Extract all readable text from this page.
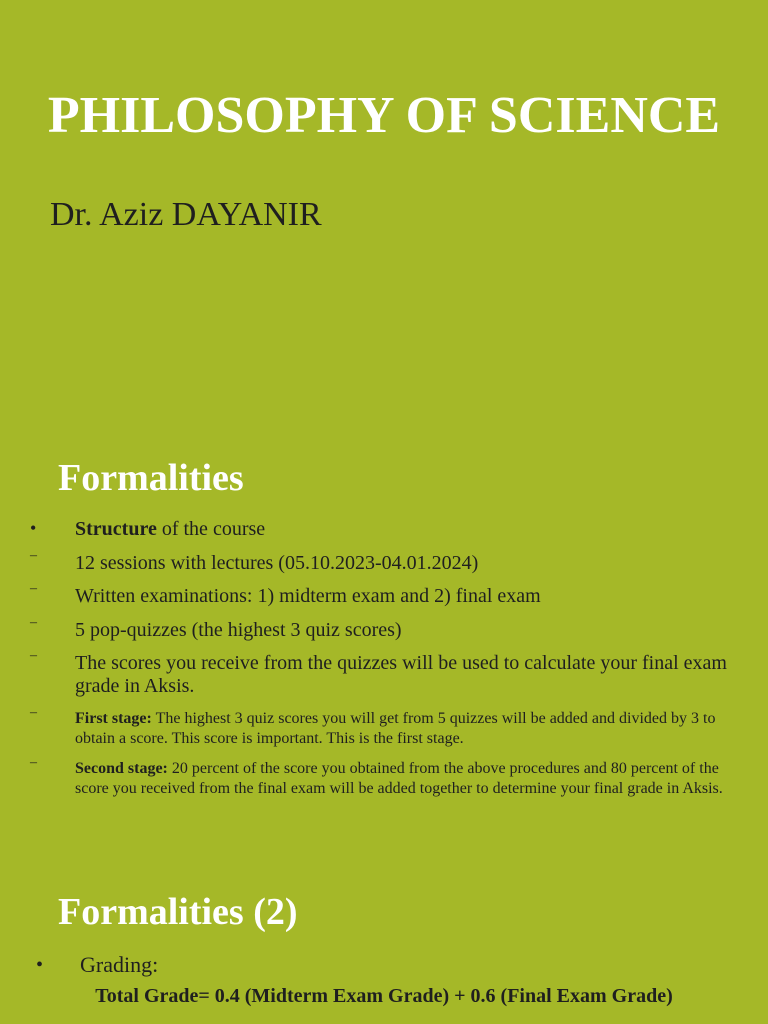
PHILOSOPHY OF SCIENCE
Dr. Aziz DAYANIR
Formalities
•	Structure of the course
–	12 sessions with lectures (05.10.2023-04.01.2024)
–	Written examinations: 1) midterm exam and 2) final exam
–	5 pop-quizzes (the highest 3 quiz scores)
–	The scores you receive from the quizzes will be used to calculate your final exam grade in Aksis.
–	First stage: The highest 3 quiz scores you will get from 5 quizzes will be added and divided by 3 to obtain a score. This score is important. This is the first stage.
–	Second stage: 20 percent of the score you obtained from the above procedures and 80 percent of the score you received from the final exam will be added together to determine your final grade in Aksis.
Formalities (2)
• Grading:
Total Grade= 0.4 (Midterm Exam Grade) + 0.6 (Final Exam Grade)
